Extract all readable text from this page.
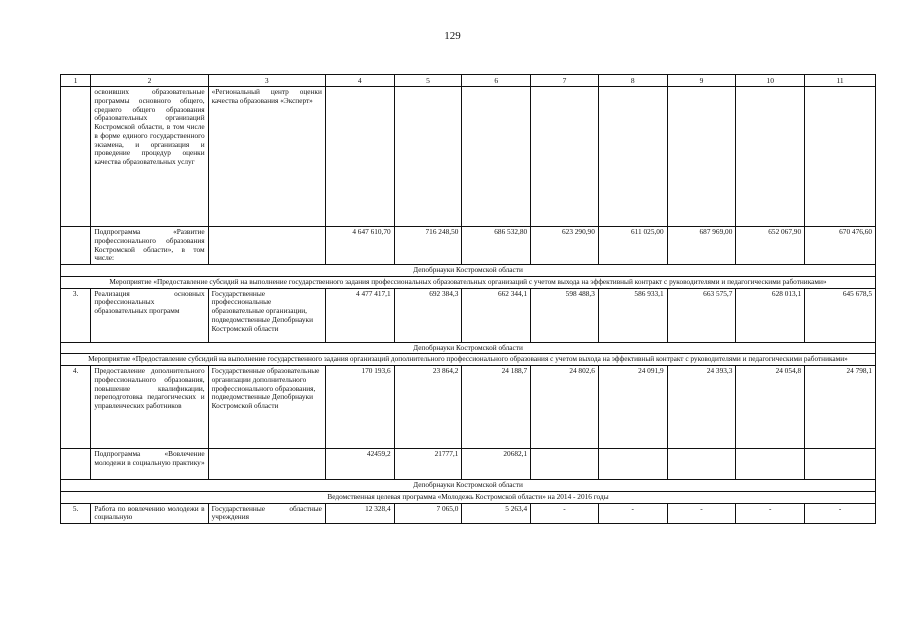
129
1	2	3	4	5	6	7	8	9	10	11
	освоивших образовательные программы основного общего, среднего общего образования образовательных организаций Костромской области, в том числе в форме единого государственного экзамена, и организация и проведение процедур оценки качества образовательных услуг	«Региональный центр оценки качества образования «Эксперт»								
	Подпрограмма «Развитие профессионального образования Костромской области», в том числе:		4 647 610,70	716 248,50	686 532,80	623 290,90	611 025,00	687 969,00	652 067,90	670 476,60
Депобрнауки Костромской области										
Мероприятие «Предоставление субсидий на выполнение государственного задания профессиональных образовательных организаций с учетом выхода на эффективный контракт с руководителями и педагогическими работниками»										
3.	Реализация основных профессиональных образовательных программ	Государственные профессиональные образовательные организации, подведомственные Депобрнауки Костромской области	4 477 417,1	692 384,3	662 344,1	598 488,3	586 933,1	663 575,7	628 013,1	645 678,5
Депобрнауки Костромской области										
Мероприятие «Предоставление субсидий на выполнение государственного задания организаций дополнительного профессионального образования с учетом выхода на эффективный контракт с руководителями и педагогическими работниками»										
4.	Предоставление дополнительного профессионального образования, повышение квалификации, переподготовка педагогических и управленческих работников	Государственные образовательные организации дополнительного профессионального образования, подведомственные Депобрнауки Костромской области	170 193,6	23 864,2	24 188,7	24 802,6	24 091,9	24 393,3	24 054,8	24 798,1
	Подпрограмма «Вовлечение молодежи в социальную практику»		42459,2	21777,1	20682,1					
Депобрнауки Костромской области										
Ведомственная целевая программа «Молодежь Костромской области» на 2014 - 2016 годы										
5.	Работа по вовлечению молодежи в социальную	Государственные областные учреждения	12 328,4	7 065,0	5 263,4	-	-	-	-	-
